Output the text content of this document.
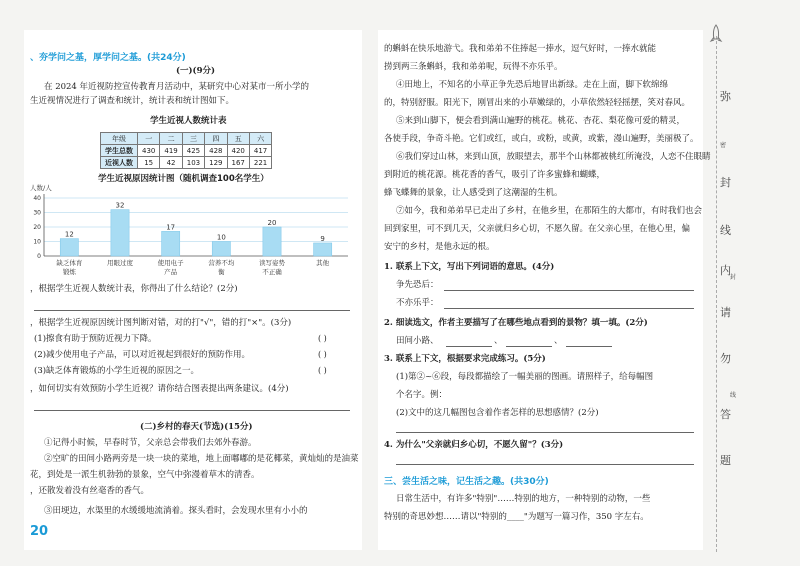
、夯学问之基，厚学问之基。(共24分)
(一)(9分)
在 2024 年近视防控宣传教育月活动中，某研究中心对某市一所小学的
生近视情况进行了调查和统计，统计表和统计图如下。
学生近视人数统计表
年级	一	二	三	四	五	六
学生总数	430	419	425	428	420	417
近视人数	15	42	103	129	167	221
学生近视原因统计图（随机调查100名学生）
人数/人
0
10
20
30
40
12
缺乏体育
锻炼
32
用眼过度
17
使用电子
产品
10
营养不均
衡
20
读写姿势
不正确
9
其他
，根据学生近视人数统计表，你得出了什么结论？(2分)
，根据学生近视原因统计图判断对错，对的打"√"，错的打"×"。(3分)
(1)擦食有助于预防近视力下降。	( )
(2)减少使用电子产品，可以对近视起到很好的预防作用。	( )
(3)缺乏体育锻炼的小学生近视的原因之一。	( )
，如何切实有效预防小学生近视？请你结合图表提出两条建议。(4分)
(二)乡村的春天(节选)(15分)
①记得小时候，早春时节，父亲总会带我们去郊外春游。
②空旷的田间小路两旁是一块一块的菜地，地上面嘟嘟的是花椰菜，黄灿灿的是油菜
花，到处是一派生机勃勃的景象，空气中弥漫着草木的清香。
，还散发着没有丝毫香的香气。
③田埂边，水渠里的水缓缓地流淌着。探头看时，会发现水里有小小的
20
的蝌蚪在快乐地游弋。我和弟弟不住捧起一捧水，逗气好时，一捧水就能
捞到两三条蝌蚪，我和弟弟呢，玩得不亦乐乎。
④田地上，不知名的小草正争先恐后地冒出新绿。走在上面，脚下软绵绵
的，特别舒服。阳光下，刚冒出来的小草嫩绿的，小草依然轻轻摇摆，笑对春风。
⑤来到山脚下，便会看到满山遍野的桃花。桃花、杏花、梨花像可爱的精灵，
各使手段，争奇斗艳。它们或红，或白，或粉，或黄，或紫，漫山遍野，美丽极了。
⑥我们穿过山林，来到山顶，放眼望去，那半个山林都被桃红所淹没，人恋不住眼睛
到附近的桃花源。桃花香的香气，吸引了许多蜜蜂和蝴蝶，
蜂飞蝶舞的景象，让人感受到了这潮湿的生机。
⑦如今，我和弟弟早已走出了乡村，在他乡里，在那陌生的大都市，有时我们也会
回到家里，可不到几天，父亲就归乡心切，不愿久留。在父亲心里，在他心里，偏
安宁的乡村，是他永远的根。
1. 联系上下文，写出下列词语的意思。(4分)
争先恐后：
不亦乐乎：
2. 细读选文，作者主要描写了在哪些地点看到的景物？填一填。(2分)
田间小路、	、	、
3. 联系上下文，根据要求完成练习。(5分)
(1)第②~⑥段，每段都描绘了一幅美丽的图画。请照样子，给每幅图
个名字。例：
(2)文中的这几幅图包含着作者怎样的思想感情？(2分)
4. 为什么"父亲就归乡心切，不愿久留"？(3分)
三、尝生活之味，记生活之趣。(共30分)
日常生活中，有许多"特别"……特别的地方，一种特别的动物，一些
特别的奇思妙想……请以"特别的____"为题写一篇习作，350 字左右。
弥
密
封
线
内
封
请
勿
线
答
题
